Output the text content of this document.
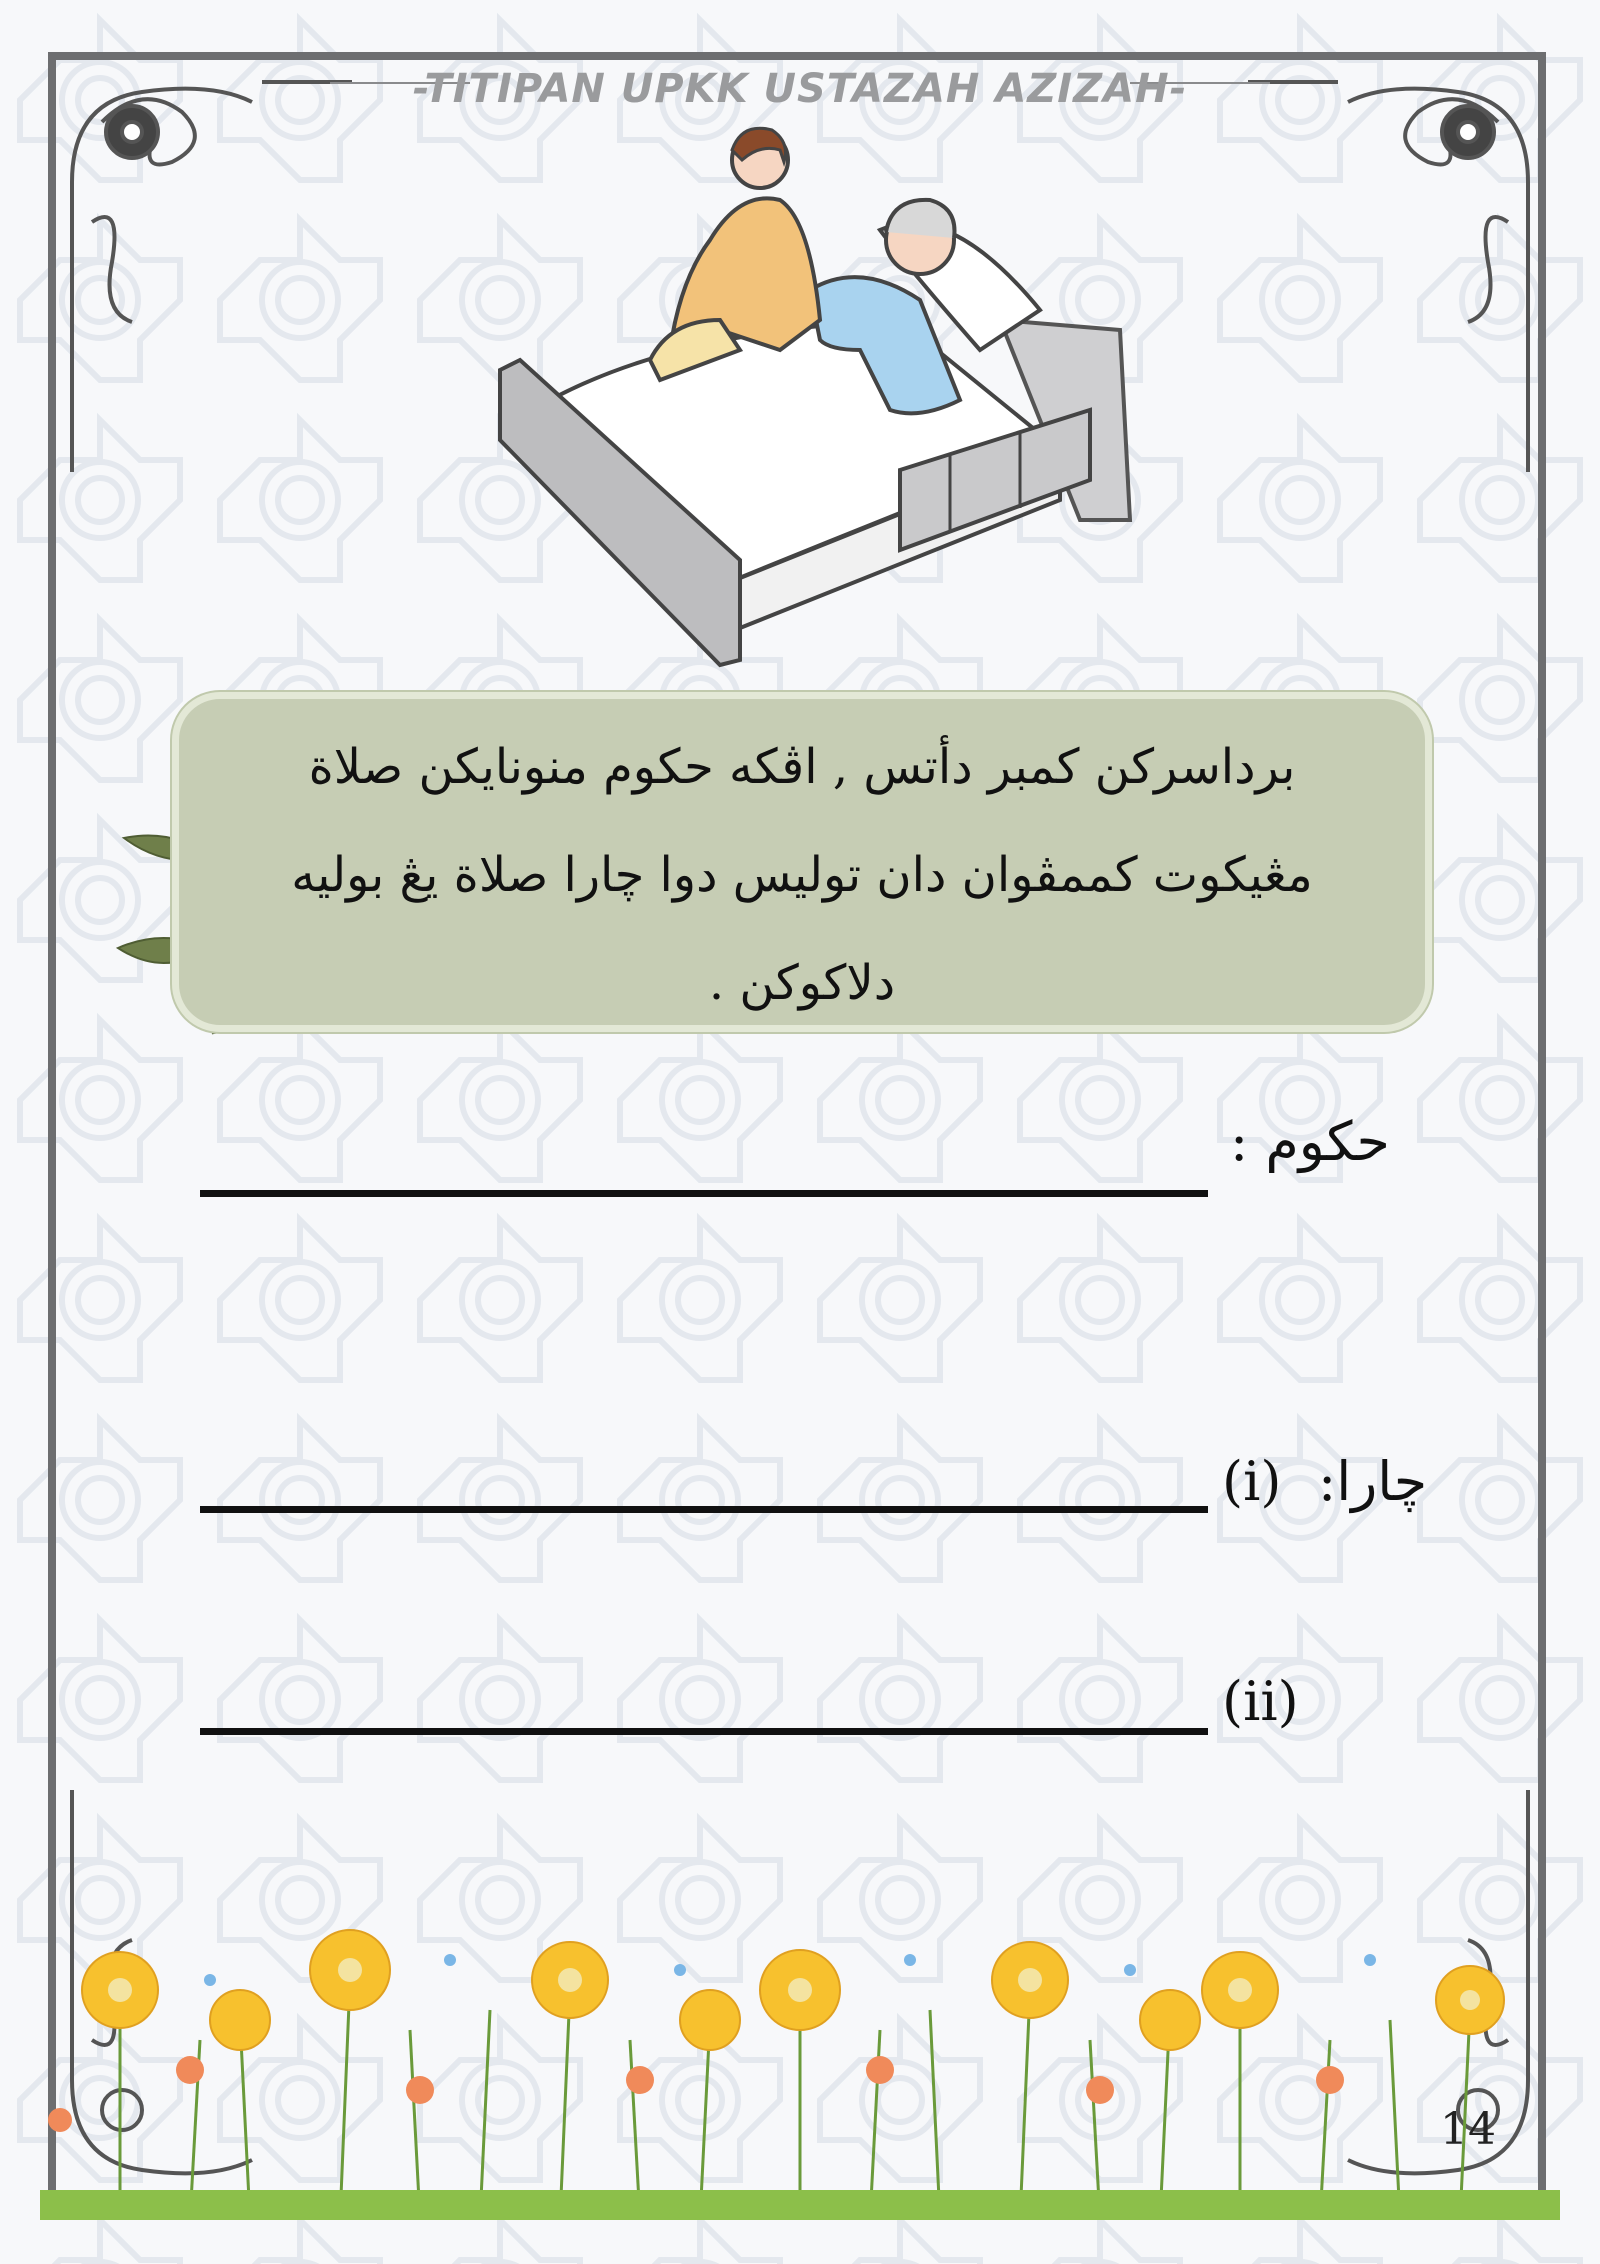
-TITIPAN UPKK USTAZAH AZIZAH-
برداسركن كمبر دأتس , اڤكه حكوم منونايكن صلاة مڠيكوت كممڤوان دان توليس دوا چارا صلاة يڠ بوليه دلاكوكن .
حكوم :
چارا:
(i)
(ii)
14
